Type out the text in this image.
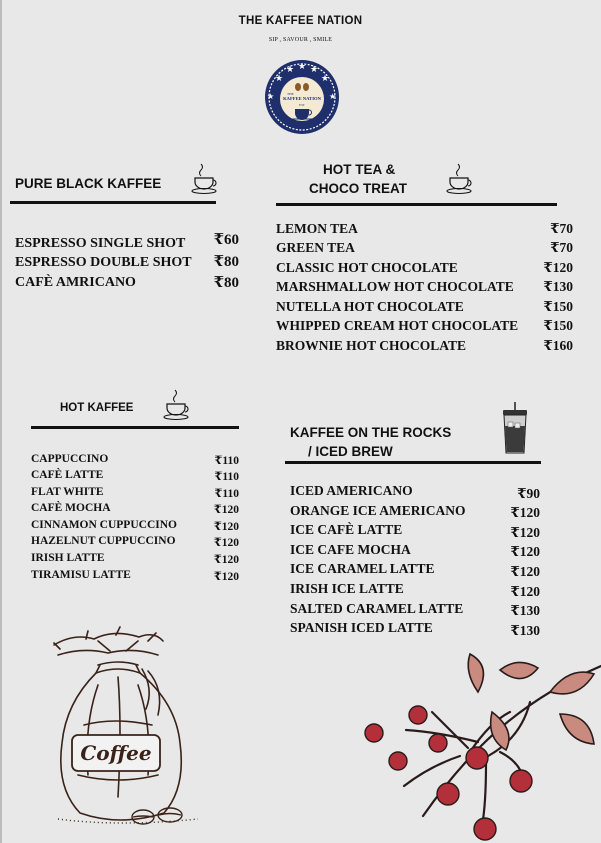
THE KAFFEE NATION
SIP , SAVOUR , SMILE
★
★ ★ ★
★
★	★
THE
KAFFEE NATION
EST
PURE BLACK KAFFEE
ESPRESSO SINGLE SHOT	₹60
ESPRESSO DOUBLE SHOT	₹80
CAFÈ AMRICANO	₹80
HOT TEA &
CHOCO TREAT
LEMON TEA	₹70
GREEN TEA	₹70
CLASSIC HOT CHOCOLATE	₹120
MARSHMALLOW HOT CHOCOLATE	₹130
NUTELLA HOT CHOCOLATE	₹150
WHIPPED CREAM HOT CHOCOLATE	₹150
BROWNIE HOT CHOCOLATE	₹160
HOT KAFFEE
CAPPUCCINO	₹110
CAFÈ LATTE	₹110
FLAT WHITE	₹110
CAFÈ MOCHA	₹120
CINNAMON CUPPUCCINO	₹120
HAZELNUT CUPPUCCINO	₹120
IRISH LATTE	₹120
TIRAMISU LATTE	₹120
KAFFEE ON THE ROCKS
/ ICED BREW
ICED AMERICANO	₹90
ORANGE ICE AMERICANO	₹120
ICE CAFÈ LATTE	₹120
ICE CAFE MOCHA	₹120
ICE CARAMEL LATTE	₹120
IRISH ICE LATTE	₹120
SALTED CARAMEL LATTE	₹130
SPANISH ICED LATTE	₹130
Coffee
